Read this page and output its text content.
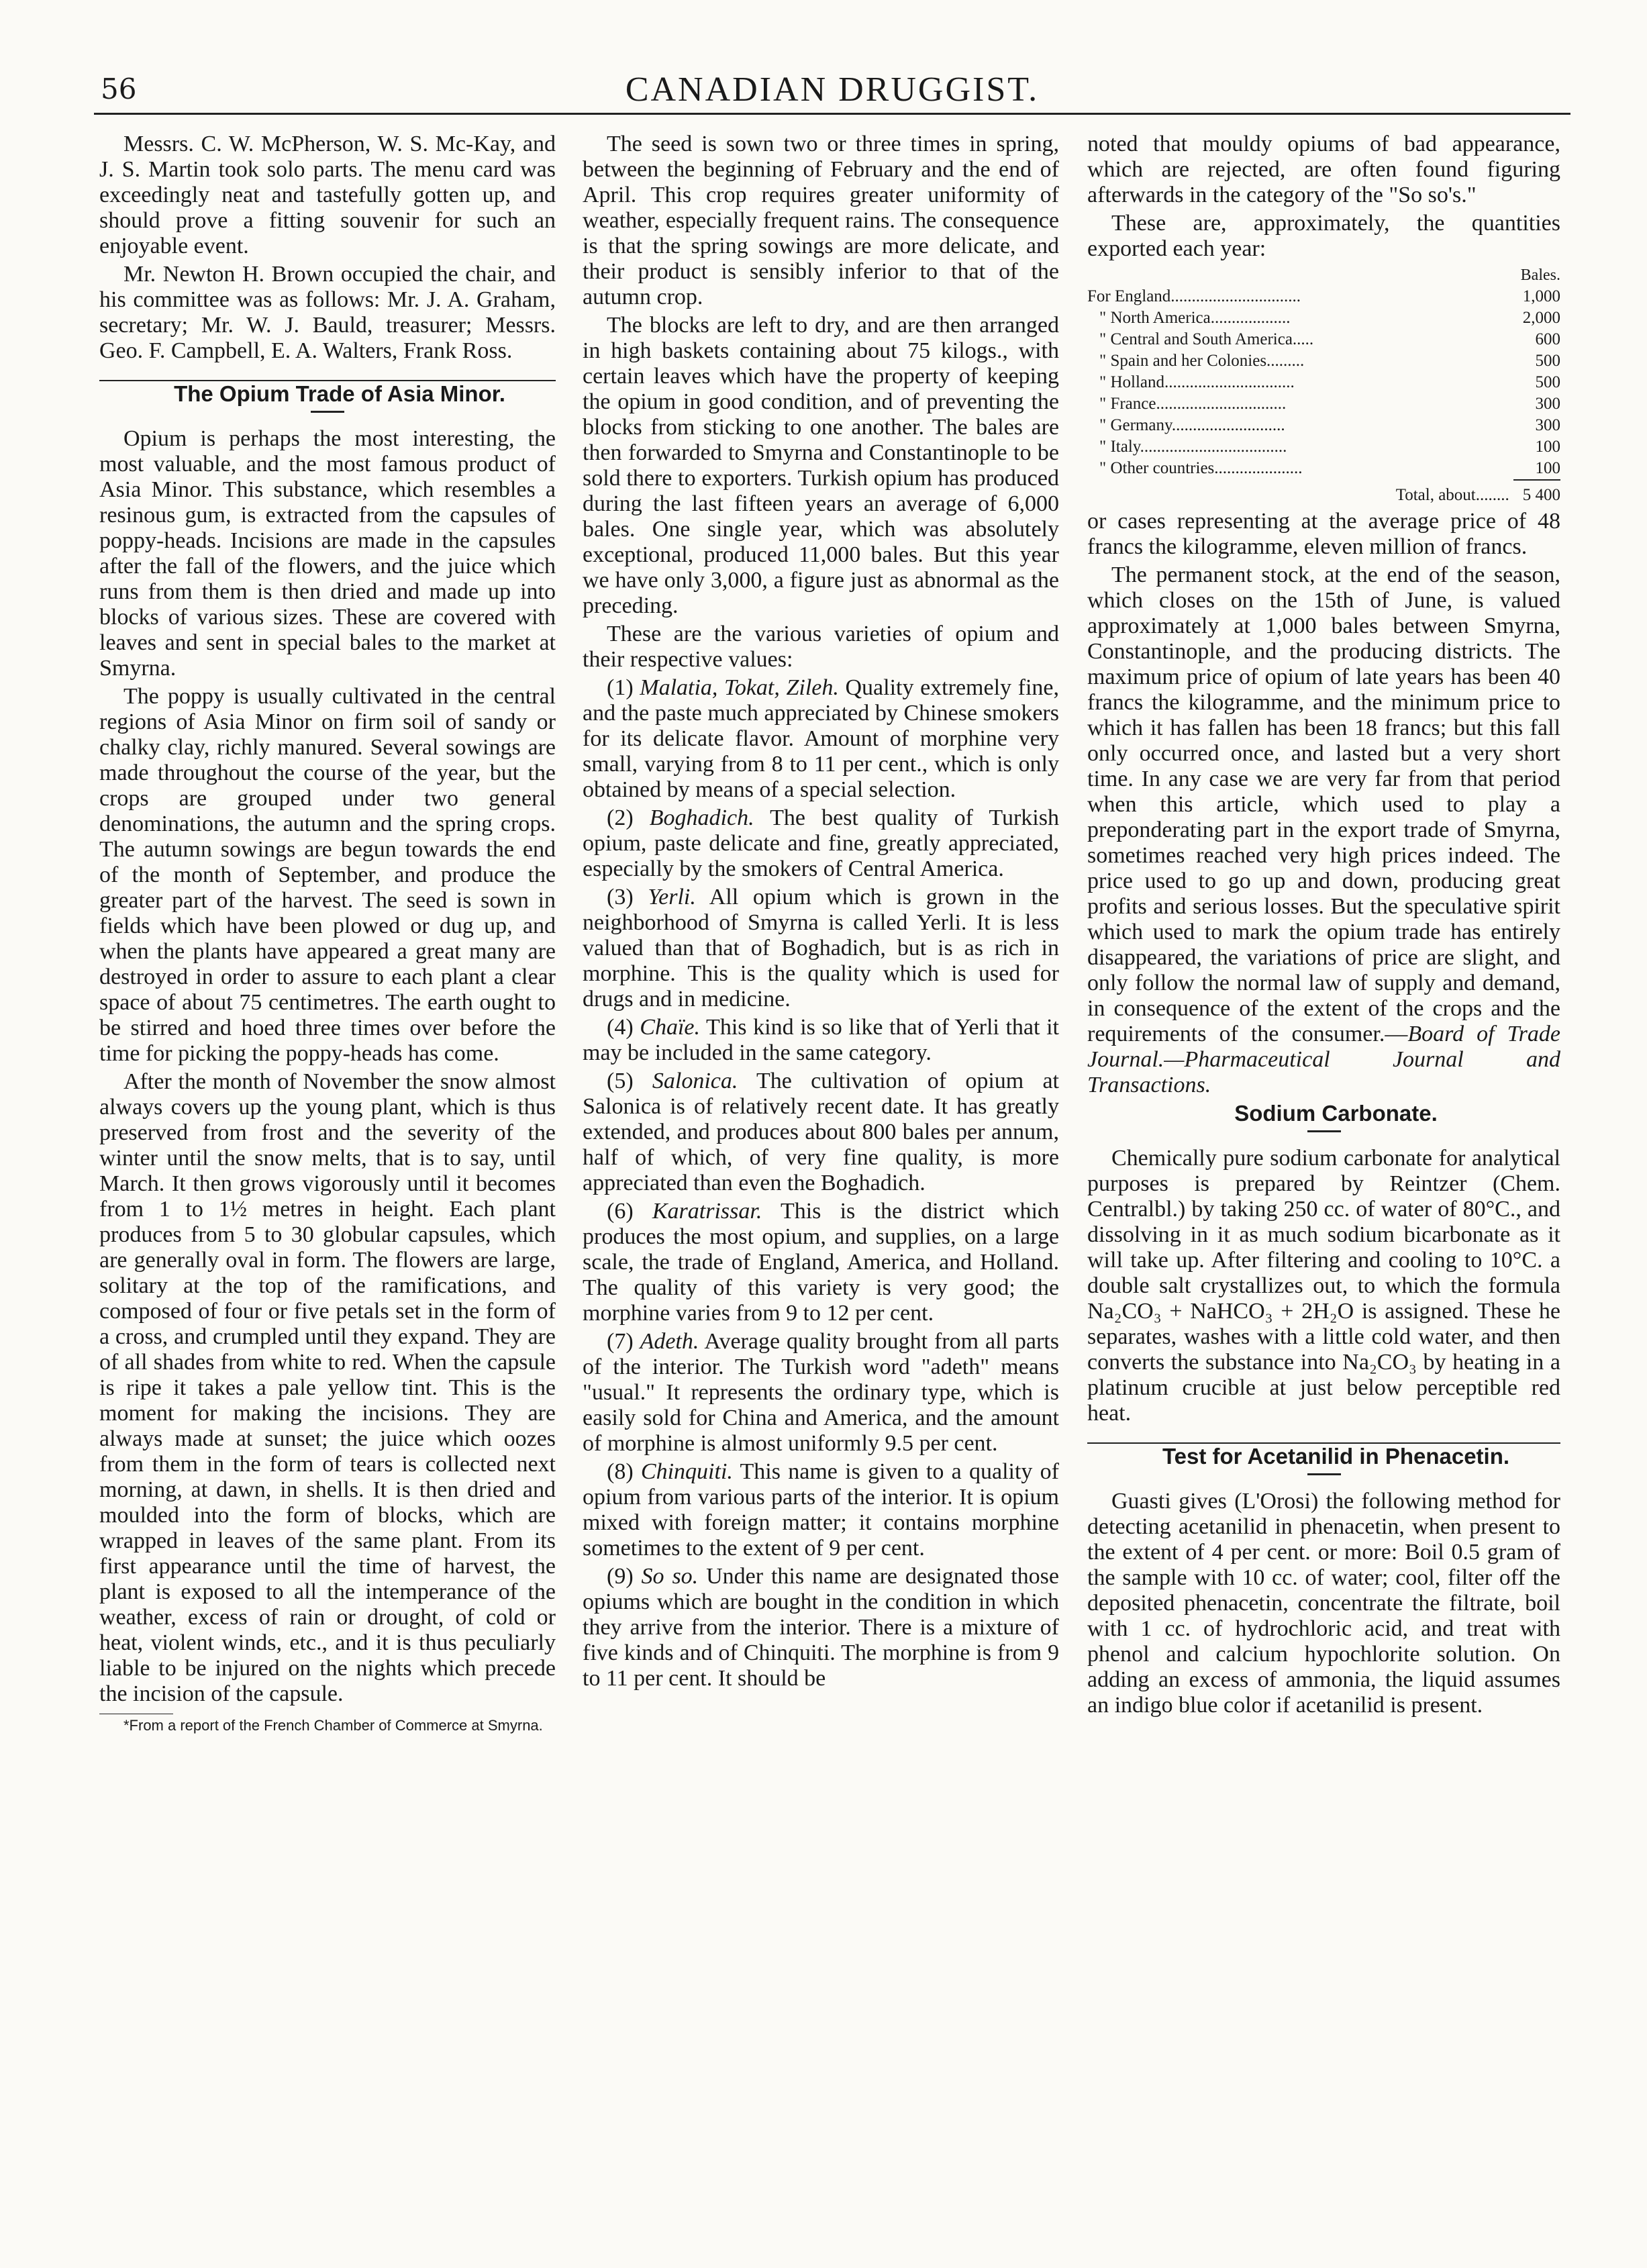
56	CANADIAN DRUGGIST.

Messrs. C. W. McPherson, W. S. Mc-Kay, and J. S. Martin took solo parts. The menu card was exceedingly neat and tastefully gotten up, and should prove a fitting souvenir for such an enjoyable event.

Mr. Newton H. Brown occupied the chair, and his committee was as follows: Mr. J. A. Graham, secretary; Mr. W. J. Bauld, treasurer; Messrs. Geo. F. Campbell, E. A. Walters, Frank Ross.

The Opium Trade of Asia Minor.

Opium is perhaps the most interesting, the most valuable, and the most famous product of Asia Minor. This substance, which resembles a resinous gum, is extracted from the capsules of poppy-heads. Incisions are made in the capsules after the fall of the flowers, and the juice which runs from them is then dried and made up into blocks of various sizes. These are covered with leaves and sent in special bales to the market at Smyrna.

The poppy is usually cultivated in the central regions of Asia Minor on firm soil of sandy or chalky clay, richly manured. Several sowings are made throughout the course of the year, but the crops are grouped under two general denominations, the autumn and the spring crops. The autumn sowings are begun towards the end of the month of September, and produce the greater part of the harvest. The seed is sown in fields which have been plowed or dug up, and when the plants have appeared a great many are destroyed in order to assure to each plant a clear space of about 75 centimetres. The earth ought to be stirred and hoed three times over before the time for picking the poppy-heads has come.

After the month of November the snow almost always covers up the young plant, which is thus preserved from frost and the severity of the winter until the snow melts, that is to say, until March. It then grows vigorously until it becomes from 1 to 1½ metres in height. Each plant produces from 5 to 30 globular capsules, which are generally oval in form. The flowers are large, solitary at the top of the ramifications, and composed of four or five petals set in the form of a cross, and crumpled until they expand. They are of all shades from white to red. When the capsule is ripe it takes a pale yellow tint. This is the moment for making the incisions. They are always made at sunset; the juice which oozes from them in the form of tears is collected next morning, at dawn, in shells. It is then dried and moulded into the form of blocks, which are wrapped in leaves of the same plant. From its first appearance until the time of harvest, the plant is exposed to all the intemperance of the weather, excess of rain or drought, of cold or heat, violent winds, etc., and it is thus peculiarly liable to be injured on the nights which precede the incision of the capsule.

*From a report of the French Chamber of Commerce at Smyrna.

The seed is sown two or three times in spring, between the beginning of February and the end of April. This crop requires greater uniformity of weather, especially frequent rains. The consequence is that the spring sowings are more delicate, and their product is sensibly inferior to that of the autumn crop.

The blocks are left to dry, and are then arranged in high baskets containing about 75 kilogs., with certain leaves which have the property of keeping the opium in good condition, and of preventing the blocks from sticking to one another. The bales are then forwarded to Smyrna and Constantinople to be sold there to exporters. Turkish opium has produced during the last fifteen years an average of 6,000 bales. One single year, which was absolutely exceptional, produced 11,000 bales. But this year we have only 3,000, a figure just as abnormal as the preceding.

These are the various varieties of opium and their respective values:

(1) Malatia, Tokat, Zileh. Quality extremely fine, and the paste much appreciated by Chinese smokers for its delicate flavor. Amount of morphine very small, varying from 8 to 11 per cent., which is only obtained by means of a special selection.

(2) Boghadich. The best quality of Turkish opium, paste delicate and fine, greatly appreciated, especially by the smokers of Central America.

(3) Yerli. All opium which is grown in the neighborhood of Smyrna is called Yerli. It is less valued than that of Boghadich, but is as rich in morphine. This is the quality which is used for drugs and in medicine.

(4) Chaïe. This kind is so like that of Yerli that it may be included in the same category.

(5) Salonica. The cultivation of opium at Salonica is of relatively recent date. It has greatly extended, and produces about 800 bales per annum, half of which, of very fine quality, is more appreciated than even the Boghadich.

(6) Karatrissar. This is the district which produces the most opium, and supplies, on a large scale, the trade of England, America, and Holland. The quality of this variety is very good; the morphine varies from 9 to 12 per cent.

(7) Adeth. Average quality brought from all parts of the interior. The Turkish word "adeth" means "usual." It represents the ordinary type, which is easily sold for China and America, and the amount of morphine is almost uniformly 9.5 per cent.

(8) Chinquiti. This name is given to a quality of opium from various parts of the interior. It is opium mixed with foreign matter; it contains morphine sometimes to the extent of 9 per cent.

(9) So so. Under this name are designated those opiums which are bought in the condition in which they arrive from the interior. There is a mixture of five kinds and of Chinquiti. The morphine is from 9 to 11 per cent. It should be

noted that mouldy opiums of bad appearance, which are rejected, are often found figuring afterwards in the category of the "So so's."

These are, approximately, the quantities exported each year:

Bales.
For England...............................	1,000
" North America...................	2,000
" Central and South America.....	600
" Spain and her Colonies.........	500
" Holland...............................	500
" France...............................	300
" Germany...........................	300
" Italy...................................	100
" Other countries.....................	100
Total, about........ 5 400

or cases representing at the average price of 48 francs the kilogramme, eleven million of francs.

The permanent stock, at the end of the season, which closes on the 15th of June, is valued approximately at 1,000 bales between Smyrna, Constantinople, and the producing districts. The maximum price of opium of late years has been 40 francs the kilogramme, and the minimum price to which it has fallen has been 18 francs; but this fall only occurred once, and lasted but a very short time. In any case we are very far from that period when this article, which used to play a preponderating part in the export trade of Smyrna, sometimes reached very high prices indeed. The price used to go up and down, producing great profits and serious losses. But the speculative spirit which used to mark the opium trade has entirely disappeared, the variations of price are slight, and only follow the normal law of supply and demand, in consequence of the extent of the crops and the requirements of the consumer.—Board of Trade Journal.—Pharmaceutical Journal and Transactions.

Sodium Carbonate.

Chemically pure sodium carbonate for analytical purposes is prepared by Reintzer (Chem. Centralbl.) by taking 250 cc. of water of 80°C., and dissolving in it as much sodium bicarbonate as it will take up. After filtering and cooling to 10°C. a double salt crystallizes out, to which the formula Na₂CO₃ + NaHCO₃ + 2H₂O is assigned. These he separates, washes with a little cold water, and then converts the substance into Na₂CO₃ by heating in a platinum crucible at just below perceptible red heat.

Test for Acetanilid in Phenacetin.

Guasti gives (L'Orosi) the following method for detecting acetanilid in phenacetin, when present to the extent of 4 per cent. or more: Boil 0.5 gram of the sample with 10 cc. of water; cool, filter off the deposited phenacetin, concentrate the filtrate, boil with 1 cc. of hydrochloric acid, and treat with phenol and calcium hypochlorite solution. On adding an excess of ammonia, the liquid assumes an indigo blue color if acetanilid is present.
